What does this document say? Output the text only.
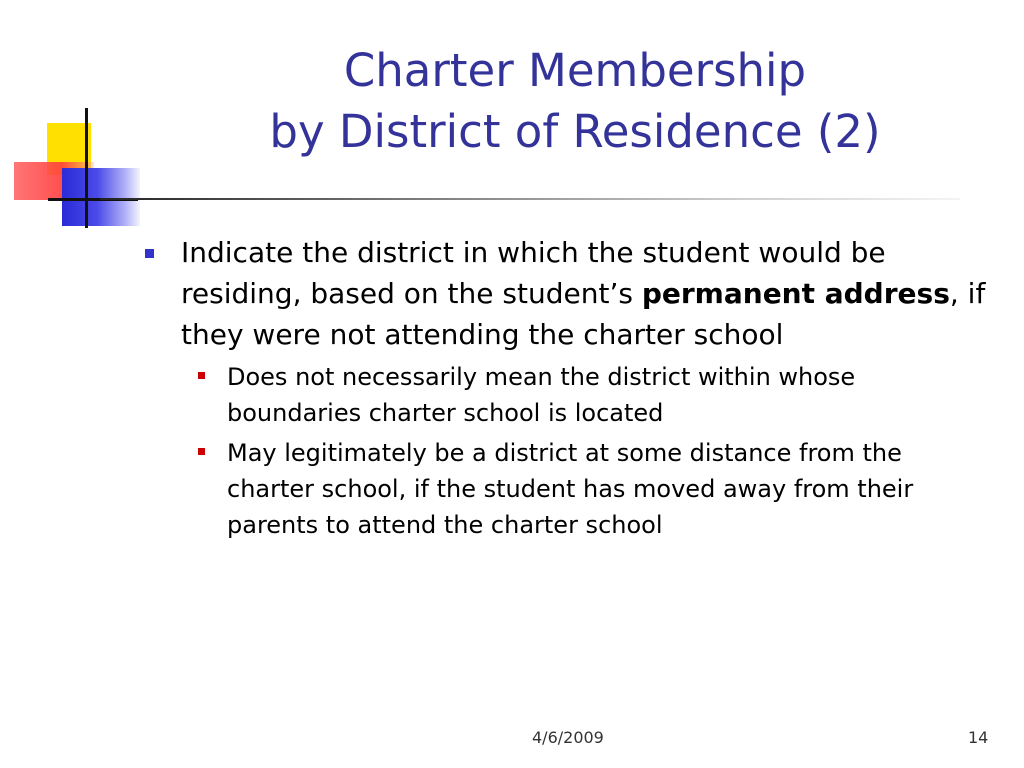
Charter Membership
by District of Residence (2)
Indicate the district in which the student would be residing, based on the student’s permanent address, if they were not attending the charter school
Does not necessarily mean the district within whose boundaries charter school is located
May legitimately be a district at some distance from the charter school, if the student has moved away from their parents to attend the charter school
4/6/2009	14
